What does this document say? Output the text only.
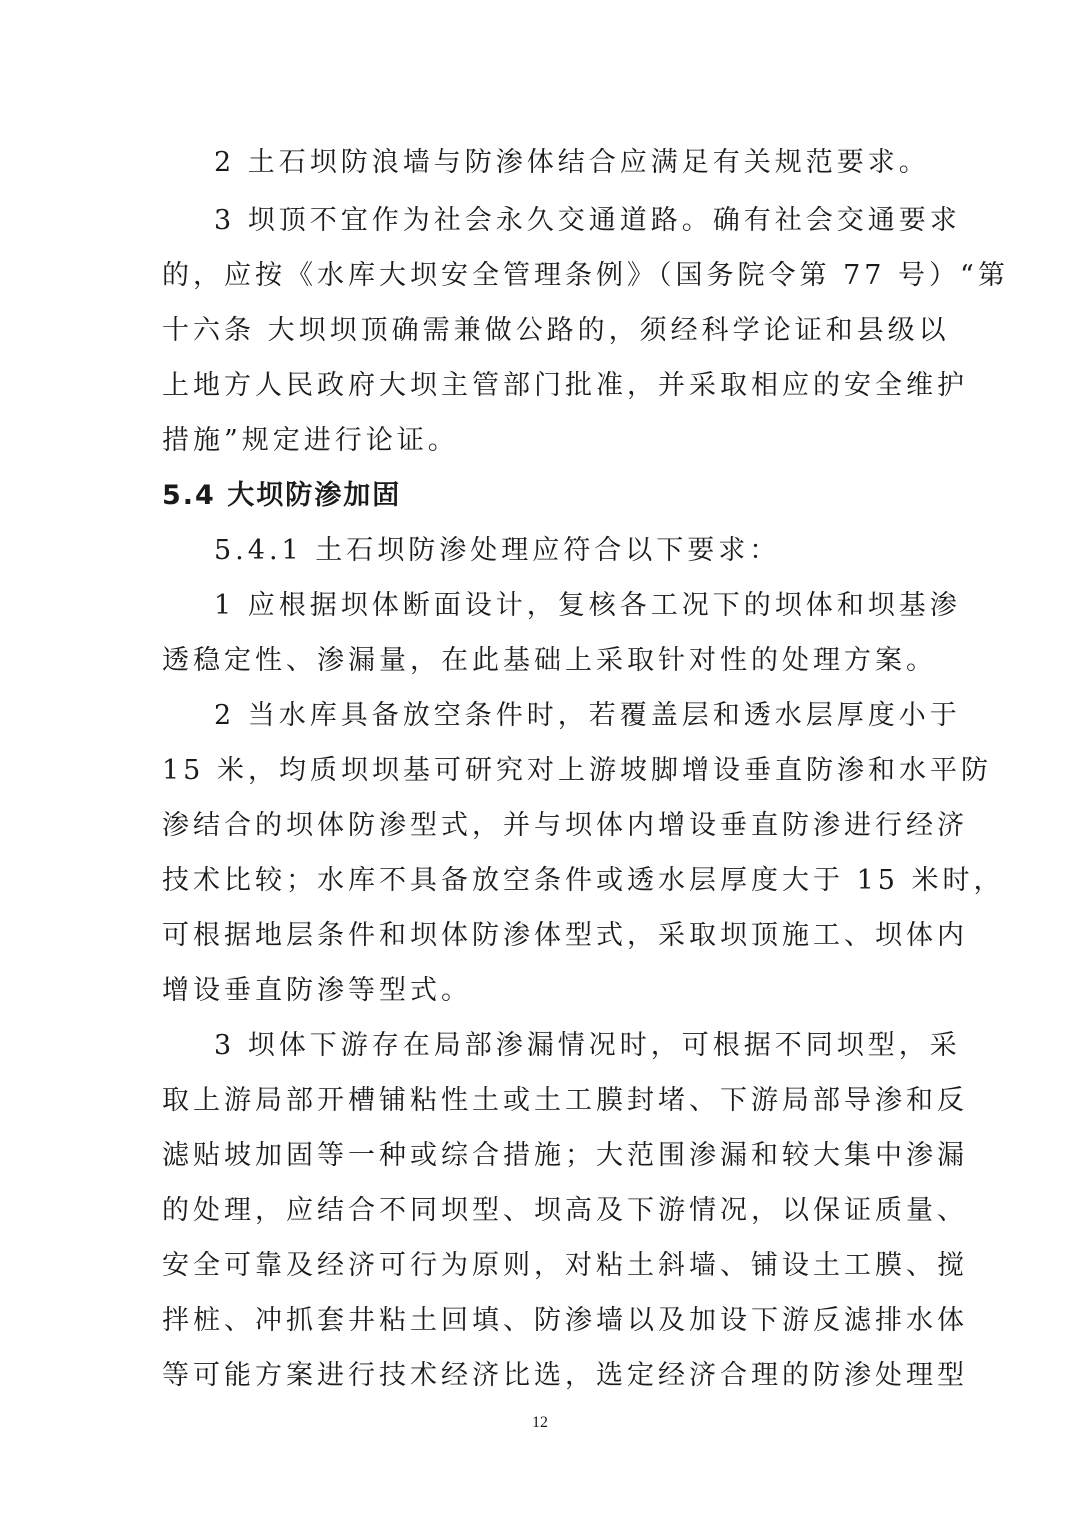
2 土石坝防浪墙与防渗体结合应满足有关规范要求。
3 坝顶不宜作为社会永久交通道路。确有社会交通要求
的，应按《水库大坝安全管理条例》（国务院令第 77 号）“第
十六条 大坝坝顶确需兼做公路的，须经科学论证和县级以
上地方人民政府大坝主管部门批准，并采取相应的安全维护
措施”规定进行论证。
5.4 大坝防渗加固
5.4.1 土石坝防渗处理应符合以下要求：
1 应根据坝体断面设计，复核各工况下的坝体和坝基渗
透稳定性、渗漏量，在此基础上采取针对性的处理方案。
2 当水库具备放空条件时，若覆盖层和透水层厚度小于
15 米，均质坝坝基可研究对上游坡脚增设垂直防渗和水平防
渗结合的坝体防渗型式，并与坝体内增设垂直防渗进行经济
技术比较；水库不具备放空条件或透水层厚度大于 15 米时，
可根据地层条件和坝体防渗体型式，采取坝顶施工、坝体内
增设垂直防渗等型式。
3 坝体下游存在局部渗漏情况时，可根据不同坝型，采
取上游局部开槽铺粘性土或土工膜封堵、下游局部导渗和反
滤贴坡加固等一种或综合措施；大范围渗漏和较大集中渗漏
的处理，应结合不同坝型、坝高及下游情况，以保证质量、
安全可靠及经济可行为原则，对粘土斜墙、铺设土工膜、搅
拌桩、冲抓套井粘土回填、防渗墙以及加设下游反滤排水体
等可能方案进行技术经济比选，选定经济合理的防渗处理型
12
